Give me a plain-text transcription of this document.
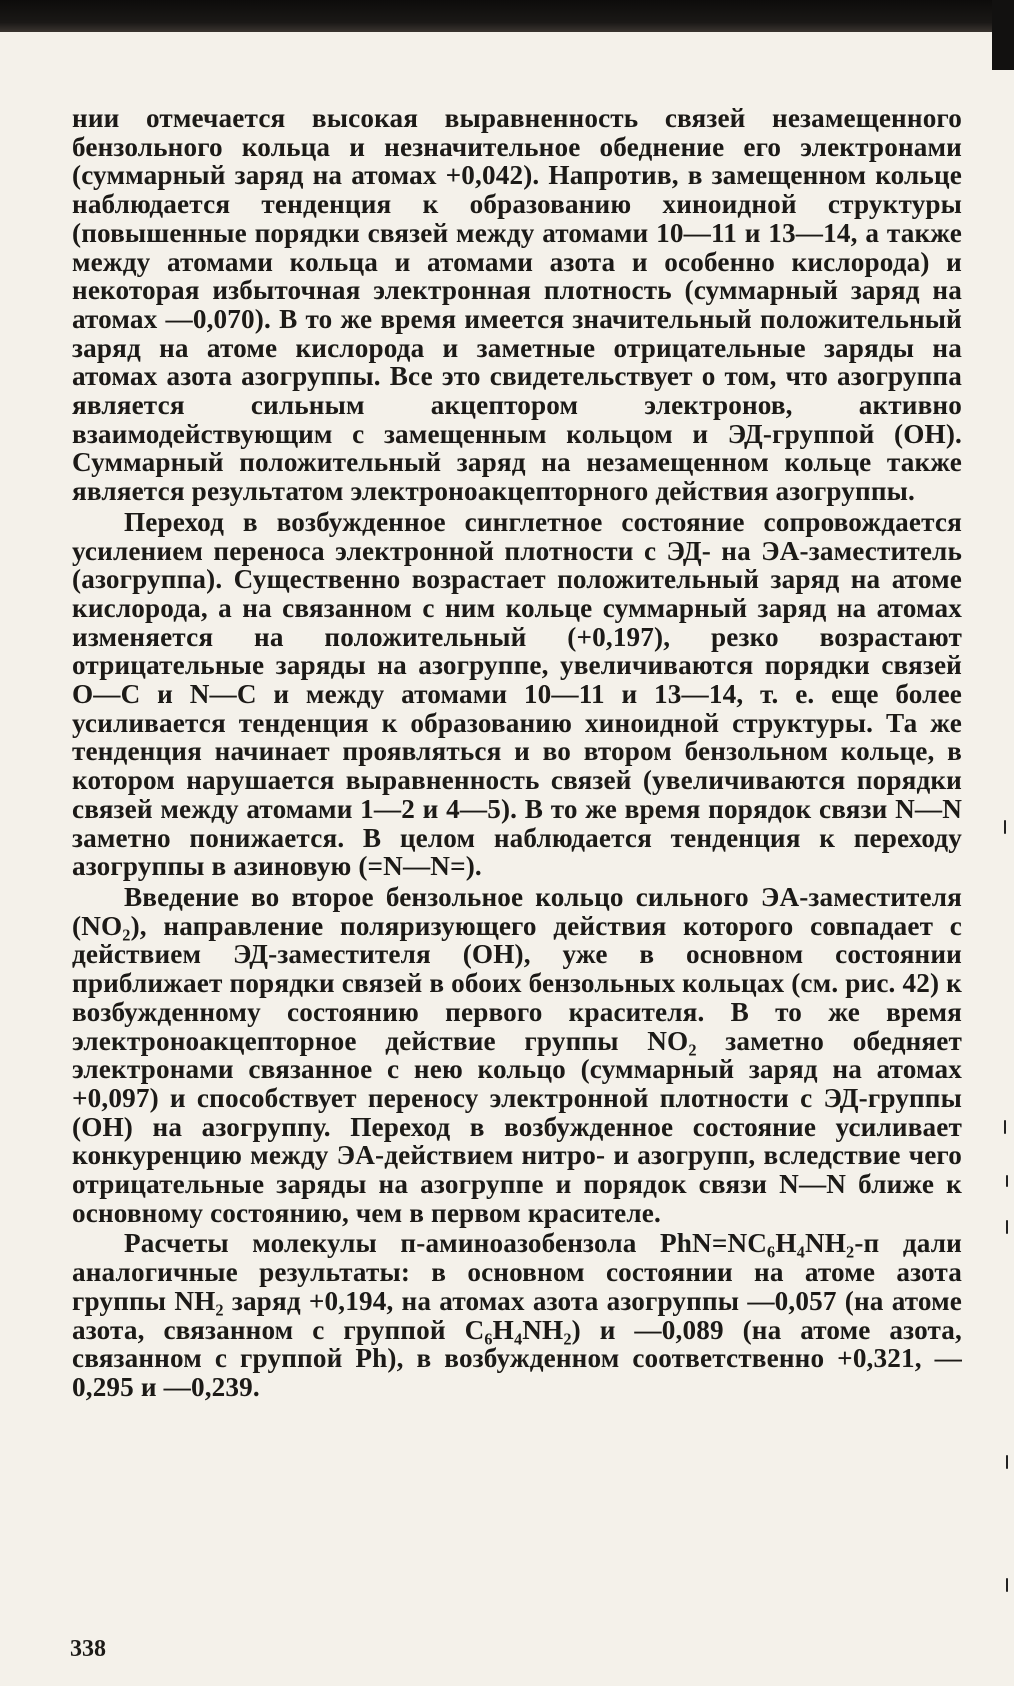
нии отмечается высокая выравненность связей незамещенного бензольного кольца и незначительное обеднение его электронами (суммарный заряд на атомах +0,042). Напротив, в замещенном кольце наблюдается тенденция к образованию хиноидной структуры (повышенные порядки связей между атомами 10—11 и 13—14, а также между атомами кольца и атомами азота и особенно кислорода) и некоторая избыточная электронная плотность (суммарный заряд на атомах —0,070). В то же время имеется значительный положительный заряд на атоме кислорода и заметные отрицательные заряды на атомах азота азогруппы. Все это свидетельствует о том, что азогруппа является сильным акцептором электронов, активно взаимодействующим с замещенным кольцом и ЭД-группой (ОН). Суммарный положительный заряд на незамещенном кольце также является результатом электроноакцепторного действия азогруппы.

Переход в возбужденное синглетное состояние сопровождается усилением переноса электронной плотности с ЭД- на ЭА-заместитель (азогруппа). Существенно возрастает положительный заряд на атоме кислорода, а на связанном с ним кольце суммарный заряд на атомах изменяется на положительный (+0,197), резко возрастают отрицательные заряды на азогруппе, увеличиваются порядки связей О—С и N—С и между атомами 10—11 и 13—14, т. е. еще более усиливается тенденция к образованию хиноидной структуры. Та же тенденция начинает проявляться и во втором бензольном кольце, в котором нарушается выравненность связей (увеличиваются порядки связей между атомами 1—2 и 4—5). В то же время порядок связи N—N заметно понижается. В целом наблюдается тенденция к переходу азогруппы в азиновую (=N—N=).

Введение во второе бензольное кольцо сильного ЭА-заместителя (NO₂), направление поляризующего действия которого совпадает с действием ЭД-заместителя (ОН), уже в основном состоянии приближает порядки связей в обоих бензольных кольцах (см. рис. 42) к возбужденному состоянию первого красителя. В то же время электроноакцепторное действие группы NO₂ заметно обедняет электронами связанное с нею кольцо (суммарный заряд на атомах +0,097) и способствует переносу электронной плотности с ЭД-группы (ОН) на азогруппу. Переход в возбужденное состояние усиливает конкуренцию между ЭА-действием нитро- и азогрупп, вследствие чего отрицательные заряды на азогруппе и порядок связи N—N ближе к основному состоянию, чем в первом красителе.

Расчеты молекулы п-аминоазобензола PhN=NC₆H₄NH₂-п дали аналогичные результаты: в основном состоянии на атоме азота группы NH₂ заряд +0,194, на атомах азота азогруппы —0,057 (на атоме азота, связанном с группой C₆H₄NH₂) и —0,089 (на атоме азота, связанном с группой Ph), в возбужденном соответственно +0,321, —0,295 и —0,239.

338
